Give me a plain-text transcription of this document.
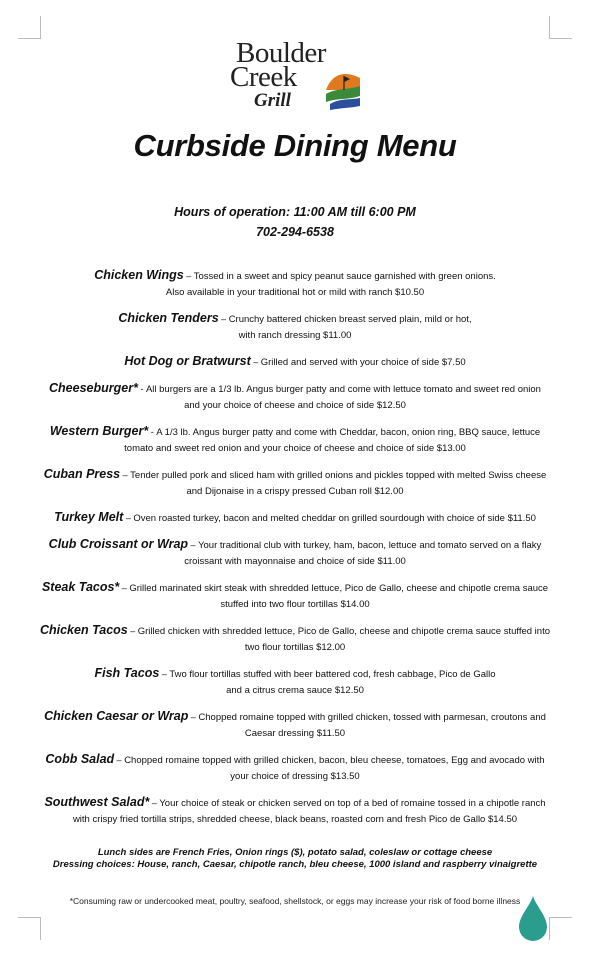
Boulder
Creek
Grill
Curbside Dining Menu
Hours of operation: 11:00 AM till 6:00 PM
702-294-6538
Chicken Wings – Tossed in a sweet and spicy peanut sauce garnished with green onions.
Also available in your traditional hot or mild with ranch $10.50
Chicken Tenders – Crunchy battered chicken breast served plain, mild or hot,
with ranch dressing $11.00
Hot Dog or Bratwurst – Grilled and served with your choice of side $7.50
Cheeseburger* - All burgers are a 1/3 lb. Angus burger patty and come with lettuce tomato and sweet red onion
and your choice of cheese and choice of side $12.50
Western Burger* - A 1/3 lb. Angus burger patty and come with Cheddar, bacon, onion ring, BBQ sauce, lettuce
tomato and sweet red onion and your choice of cheese and choice of side $13.00
Cuban Press – Tender pulled pork and sliced ham with grilled onions and pickles topped with melted Swiss cheese
and Dijonaise in a crispy pressed Cuban roll $12.00
Turkey Melt – Oven roasted turkey, bacon and melted cheddar on grilled sourdough with choice of side $11.50
Club Croissant or Wrap – Your traditional club with turkey, ham, bacon, lettuce and tomato served on a flaky
croissant with mayonnaise and choice of side $11.00
Steak Tacos* – Grilled marinated skirt steak with shredded lettuce, Pico de Gallo, cheese and chipotle crema sauce
stuffed into two flour tortillas $14.00
Chicken Tacos – Grilled chicken with shredded lettuce, Pico de Gallo, cheese and chipotle crema sauce stuffed into
two flour tortillas $12.00
Fish Tacos – Two flour tortillas stuffed with beer battered cod, fresh cabbage, Pico de Gallo
and a citrus crema sauce $12.50
Chicken Caesar or Wrap – Chopped romaine topped with grilled chicken, tossed with parmesan, croutons and
Caesar dressing $11.50
Cobb Salad – Chopped romaine topped with grilled chicken, bacon, bleu cheese, tomatoes, Egg and avocado with
your choice of dressing $13.50
Southwest Salad* – Your choice of steak or chicken served on top of a bed of romaine tossed in a chipotle ranch
with crispy fried tortilla strips, shredded cheese, black beans, roasted corn and fresh Pico de Gallo $14.50
Lunch sides are French Fries, Onion rings ($), potato salad, coleslaw or cottage cheese
Dressing choices: House, ranch, Caesar, chipotle ranch, bleu cheese, 1000 island and raspberry vinaigrette
*Consuming raw or undercooked meat, poultry, seafood, shellstock, or eggs may increase your risk of food borne illness
